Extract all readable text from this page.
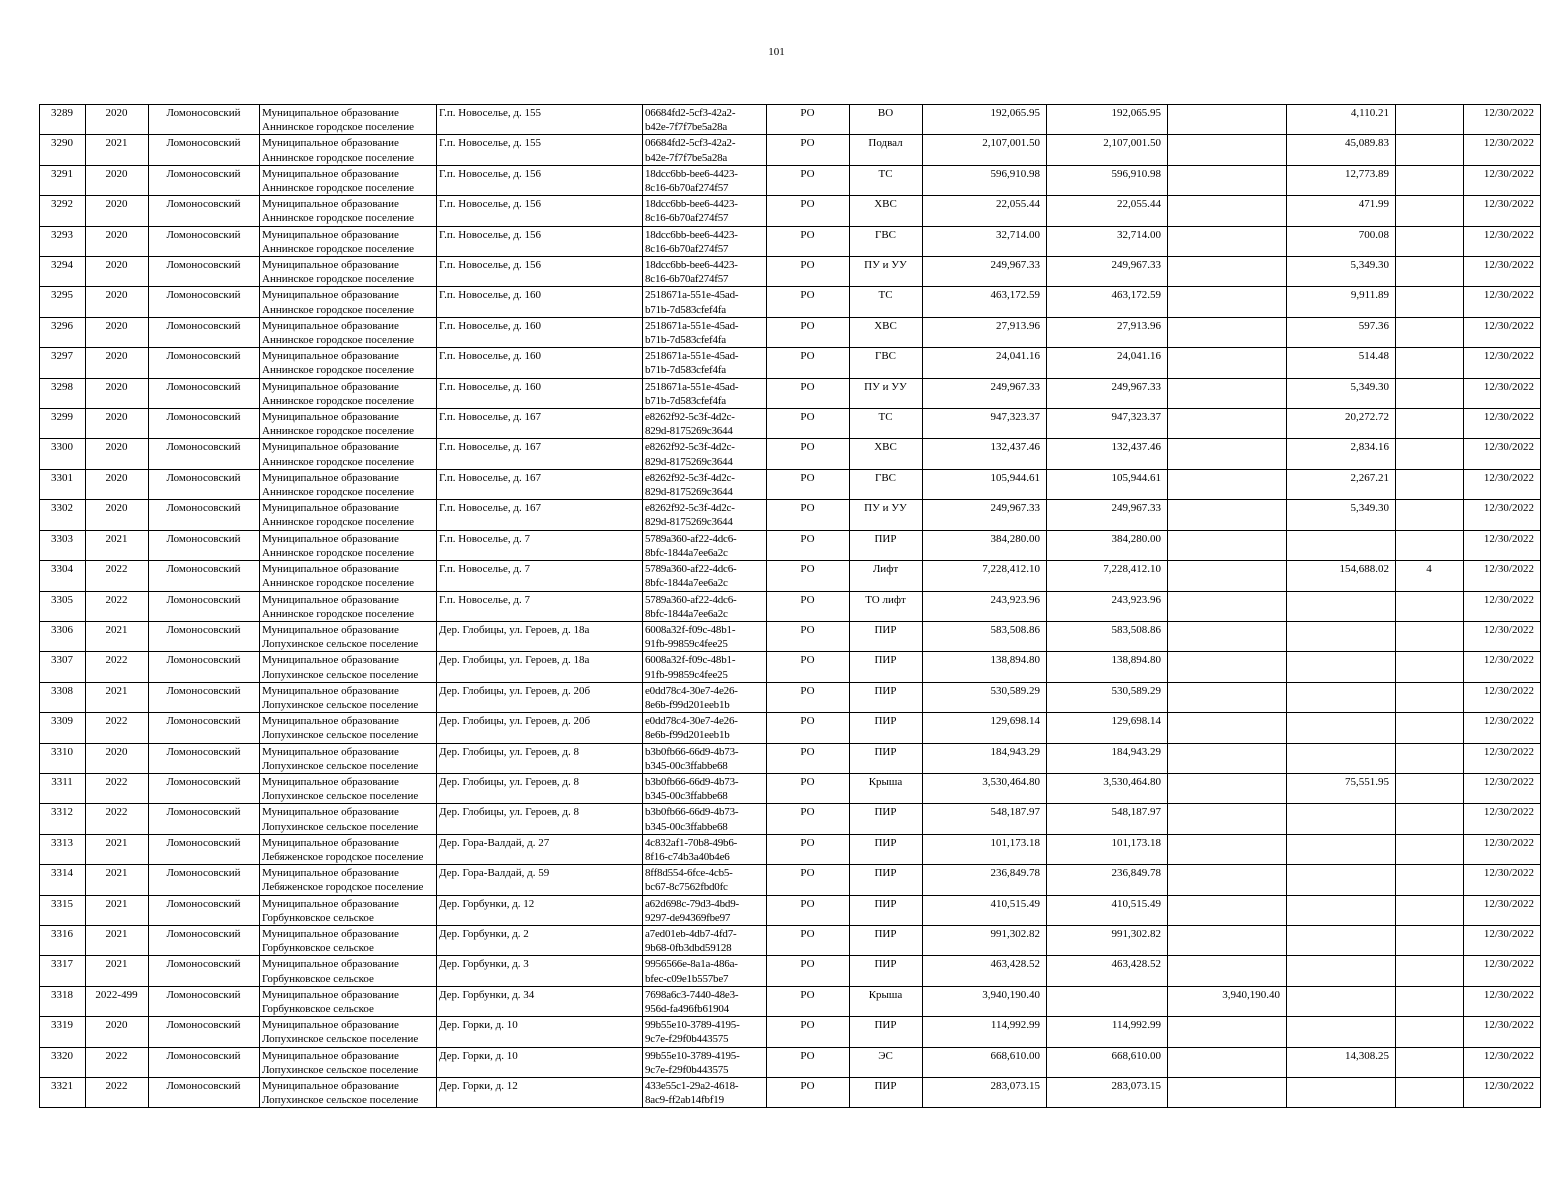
101
3289	2020	Ломоносовский	Муниципальное образование
Аннинское городское поселение	Г.п. Новоселье, д. 155	06684fd2-5cf3-42a2-
b42e-7f7f7be5a28a	РО	ВО	192,065.95	192,065.95		4,110.21		12/30/2022
3290	2021	Ломоносовский	Муниципальное образование
Аннинское городское поселение	Г.п. Новоселье, д. 155	06684fd2-5cf3-42a2-
b42e-7f7f7be5a28a	РО	Подвал	2,107,001.50	2,107,001.50		45,089.83		12/30/2022
3291	2020	Ломоносовский	Муниципальное образование
Аннинское городское поселение	Г.п. Новоселье, д. 156	18dcc6bb-bee6-4423-
8c16-6b70af274f57	РО	ТС	596,910.98	596,910.98		12,773.89		12/30/2022
3292	2020	Ломоносовский	Муниципальное образование
Аннинское городское поселение	Г.п. Новоселье, д. 156	18dcc6bb-bee6-4423-
8c16-6b70af274f57	РО	ХВС	22,055.44	22,055.44		471.99		12/30/2022
3293	2020	Ломоносовский	Муниципальное образование
Аннинское городское поселение	Г.п. Новоселье, д. 156	18dcc6bb-bee6-4423-
8c16-6b70af274f57	РО	ГВС	32,714.00	32,714.00		700.08		12/30/2022
3294	2020	Ломоносовский	Муниципальное образование
Аннинское городское поселение	Г.п. Новоселье, д. 156	18dcc6bb-bee6-4423-
8c16-6b70af274f57	РО	ПУ и УУ	249,967.33	249,967.33		5,349.30		12/30/2022
3295	2020	Ломоносовский	Муниципальное образование
Аннинское городское поселение	Г.п. Новоселье, д. 160	2518671a-551e-45ad-
b71b-7d583cfef4fa	РО	ТС	463,172.59	463,172.59		9,911.89		12/30/2022
3296	2020	Ломоносовский	Муниципальное образование
Аннинское городское поселение	Г.п. Новоселье, д. 160	2518671a-551e-45ad-
b71b-7d583cfef4fa	РО	ХВС	27,913.96	27,913.96		597.36		12/30/2022
3297	2020	Ломоносовский	Муниципальное образование
Аннинское городское поселение	Г.п. Новоселье, д. 160	2518671a-551e-45ad-
b71b-7d583cfef4fa	РО	ГВС	24,041.16	24,041.16		514.48		12/30/2022
3298	2020	Ломоносовский	Муниципальное образование
Аннинское городское поселение	Г.п. Новоселье, д. 160	2518671a-551e-45ad-
b71b-7d583cfef4fa	РО	ПУ и УУ	249,967.33	249,967.33		5,349.30		12/30/2022
3299	2020	Ломоносовский	Муниципальное образование
Аннинское городское поселение	Г.п. Новоселье, д. 167	e8262f92-5c3f-4d2c-
829d-8175269c3644	РО	ТС	947,323.37	947,323.37		20,272.72		12/30/2022
3300	2020	Ломоносовский	Муниципальное образование
Аннинское городское поселение	Г.п. Новоселье, д. 167	e8262f92-5c3f-4d2c-
829d-8175269c3644	РО	ХВС	132,437.46	132,437.46		2,834.16		12/30/2022
3301	2020	Ломоносовский	Муниципальное образование
Аннинское городское поселение	Г.п. Новоселье, д. 167	e8262f92-5c3f-4d2c-
829d-8175269c3644	РО	ГВС	105,944.61	105,944.61		2,267.21		12/30/2022
3302	2020	Ломоносовский	Муниципальное образование
Аннинское городское поселение	Г.п. Новоселье, д. 167	e8262f92-5c3f-4d2c-
829d-8175269c3644	РО	ПУ и УУ	249,967.33	249,967.33		5,349.30		12/30/2022
3303	2021	Ломоносовский	Муниципальное образование
Аннинское городское поселение	Г.п. Новоселье, д. 7	5789a360-af22-4dc6-
8bfc-1844a7ee6a2c	РО	ПИР	384,280.00	384,280.00				12/30/2022
3304	2022	Ломоносовский	Муниципальное образование
Аннинское городское поселение	Г.п. Новоселье, д. 7	5789a360-af22-4dc6-
8bfc-1844a7ee6a2c	РО	Лифт	7,228,412.10	7,228,412.10		154,688.02	4	12/30/2022
3305	2022	Ломоносовский	Муниципальное образование
Аннинское городское поселение	Г.п. Новоселье, д. 7	5789a360-af22-4dc6-
8bfc-1844a7ee6a2c	РО	ТО лифт	243,923.96	243,923.96				12/30/2022
3306	2021	Ломоносовский	Муниципальное образование
Лопухинское сельское поселение	Дер. Глобицы, ул. Героев, д. 18а	6008a32f-f09c-48b1-
91fb-99859c4fee25	РО	ПИР	583,508.86	583,508.86				12/30/2022
3307	2022	Ломоносовский	Муниципальное образование
Лопухинское сельское поселение	Дер. Глобицы, ул. Героев, д. 18а	6008a32f-f09c-48b1-
91fb-99859c4fee25	РО	ПИР	138,894.80	138,894.80				12/30/2022
3308	2021	Ломоносовский	Муниципальное образование
Лопухинское сельское поселение	Дер. Глобицы, ул. Героев, д. 20б	e0dd78c4-30e7-4e26-
8e6b-f99d201eeb1b	РО	ПИР	530,589.29	530,589.29				12/30/2022
3309	2022	Ломоносовский	Муниципальное образование
Лопухинское сельское поселение	Дер. Глобицы, ул. Героев, д. 20б	e0dd78c4-30e7-4e26-
8e6b-f99d201eeb1b	РО	ПИР	129,698.14	129,698.14				12/30/2022
3310	2020	Ломоносовский	Муниципальное образование
Лопухинское сельское поселение	Дер. Глобицы, ул. Героев, д. 8	b3b0fb66-66d9-4b73-
b345-00c3ffabbe68	РО	ПИР	184,943.29	184,943.29				12/30/2022
3311	2022	Ломоносовский	Муниципальное образование
Лопухинское сельское поселение	Дер. Глобицы, ул. Героев, д. 8	b3b0fb66-66d9-4b73-
b345-00c3ffabbe68	РО	Крыша	3,530,464.80	3,530,464.80		75,551.95		12/30/2022
3312	2022	Ломоносовский	Муниципальное образование
Лопухинское сельское поселение	Дер. Глобицы, ул. Героев, д. 8	b3b0fb66-66d9-4b73-
b345-00c3ffabbe68	РО	ПИР	548,187.97	548,187.97				12/30/2022
3313	2021	Ломоносовский	Муниципальное образование
Лебяженское городское поселение	Дер. Гора-Валдай, д. 27	4c832af1-70b8-49b6-
8f16-c74b3a40b4e6	РО	ПИР	101,173.18	101,173.18				12/30/2022
3314	2021	Ломоносовский	Муниципальное образование
Лебяженское городское поселение	Дер. Гора-Валдай, д. 59	8ff8d554-6fce-4cb5-
bc67-8c7562fbd0fc	РО	ПИР	236,849.78	236,849.78				12/30/2022
3315	2021	Ломоносовский	Муниципальное образование
Горбунковское сельское	Дер. Горбунки, д. 12	a62d698c-79d3-4bd9-
9297-de94369fbe97	РО	ПИР	410,515.49	410,515.49				12/30/2022
3316	2021	Ломоносовский	Муниципальное образование
Горбунковское сельское	Дер. Горбунки, д. 2	a7ed01eb-4db7-4fd7-
9b68-0fb3dbd59128	РО	ПИР	991,302.82	991,302.82				12/30/2022
3317	2021	Ломоносовский	Муниципальное образование
Горбунковское сельское	Дер. Горбунки, д. 3	9956566e-8a1a-486a-
bfec-c09e1b557be7	РО	ПИР	463,428.52	463,428.52				12/30/2022
3318	2022-499	Ломоносовский	Муниципальное образование
Горбунковское сельское	Дер. Горбунки, д. 34	7698a6c3-7440-48e3-
956d-fa496fb61904	РО	Крыша	3,940,190.40		3,940,190.40			12/30/2022
3319	2020	Ломоносовский	Муниципальное образование
Лопухинское сельское поселение	Дер. Горки, д. 10	99b55e10-3789-4195-
9c7e-f29f0b443575	РО	ПИР	114,992.99	114,992.99				12/30/2022
3320	2022	Ломоносовский	Муниципальное образование
Лопухинское сельское поселение	Дер. Горки, д. 10	99b55e10-3789-4195-
9c7e-f29f0b443575	РО	ЭС	668,610.00	668,610.00		14,308.25		12/30/2022
3321	2022	Ломоносовский	Муниципальное образование
Лопухинское сельское поселение	Дер. Горки, д. 12	433e55c1-29a2-4618-
8ac9-ff2ab14fbf19	РО	ПИР	283,073.15	283,073.15				12/30/2022
